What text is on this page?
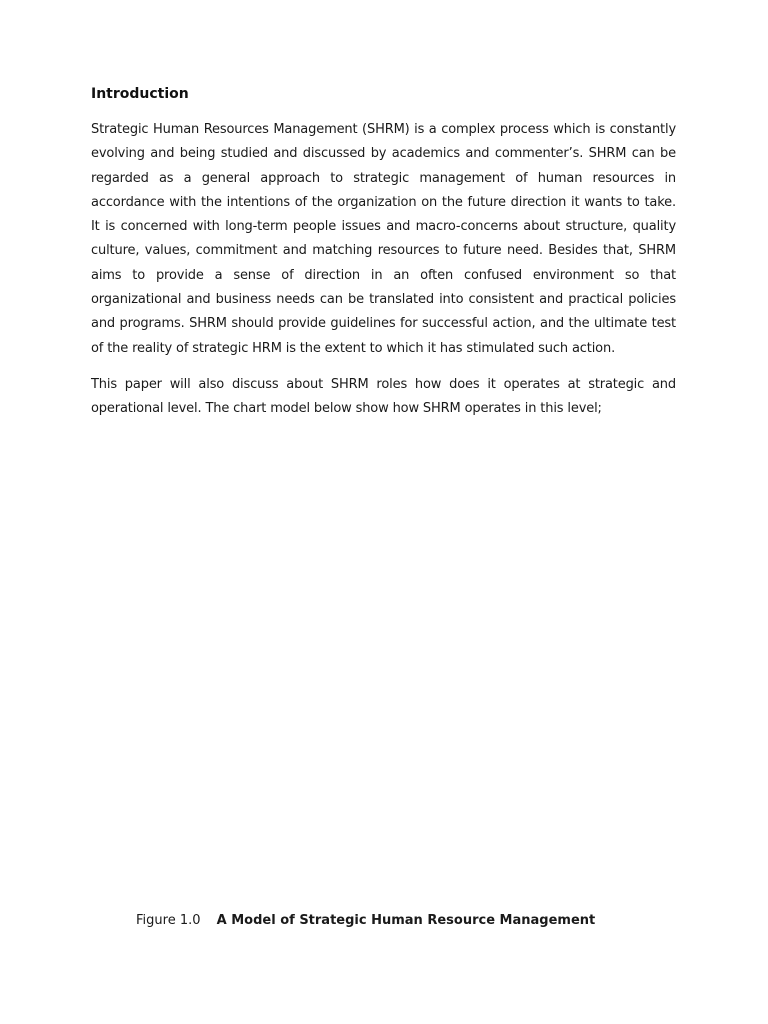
Introduction

Strategic Human Resources Management (SHRM) is a complex process which is constantly evolving and being studied and discussed by academics and commenter’s. SHRM can be regarded as a general approach to strategic management of human resources in accordance with the intentions of the organization on the future direction it wants to take. It is concerned with long-term people issues and macro-concerns about structure, quality culture, values, commitment and matching resources to future need. Besides that, SHRM aims to provide a sense of direction in an often confused environment so that organizational and business needs can be translated into consistent and practical policies and programs. SHRM should provide guidelines for successful action, and the ultimate test of the reality of strategic HRM is the extent to which it has stimulated such action.

This paper will also discuss about SHRM roles how does it operates at strategic and operational level. The chart model below show how SHRM operates in this level;

Figure 1.0 A Model of Strategic Human Resource Management
